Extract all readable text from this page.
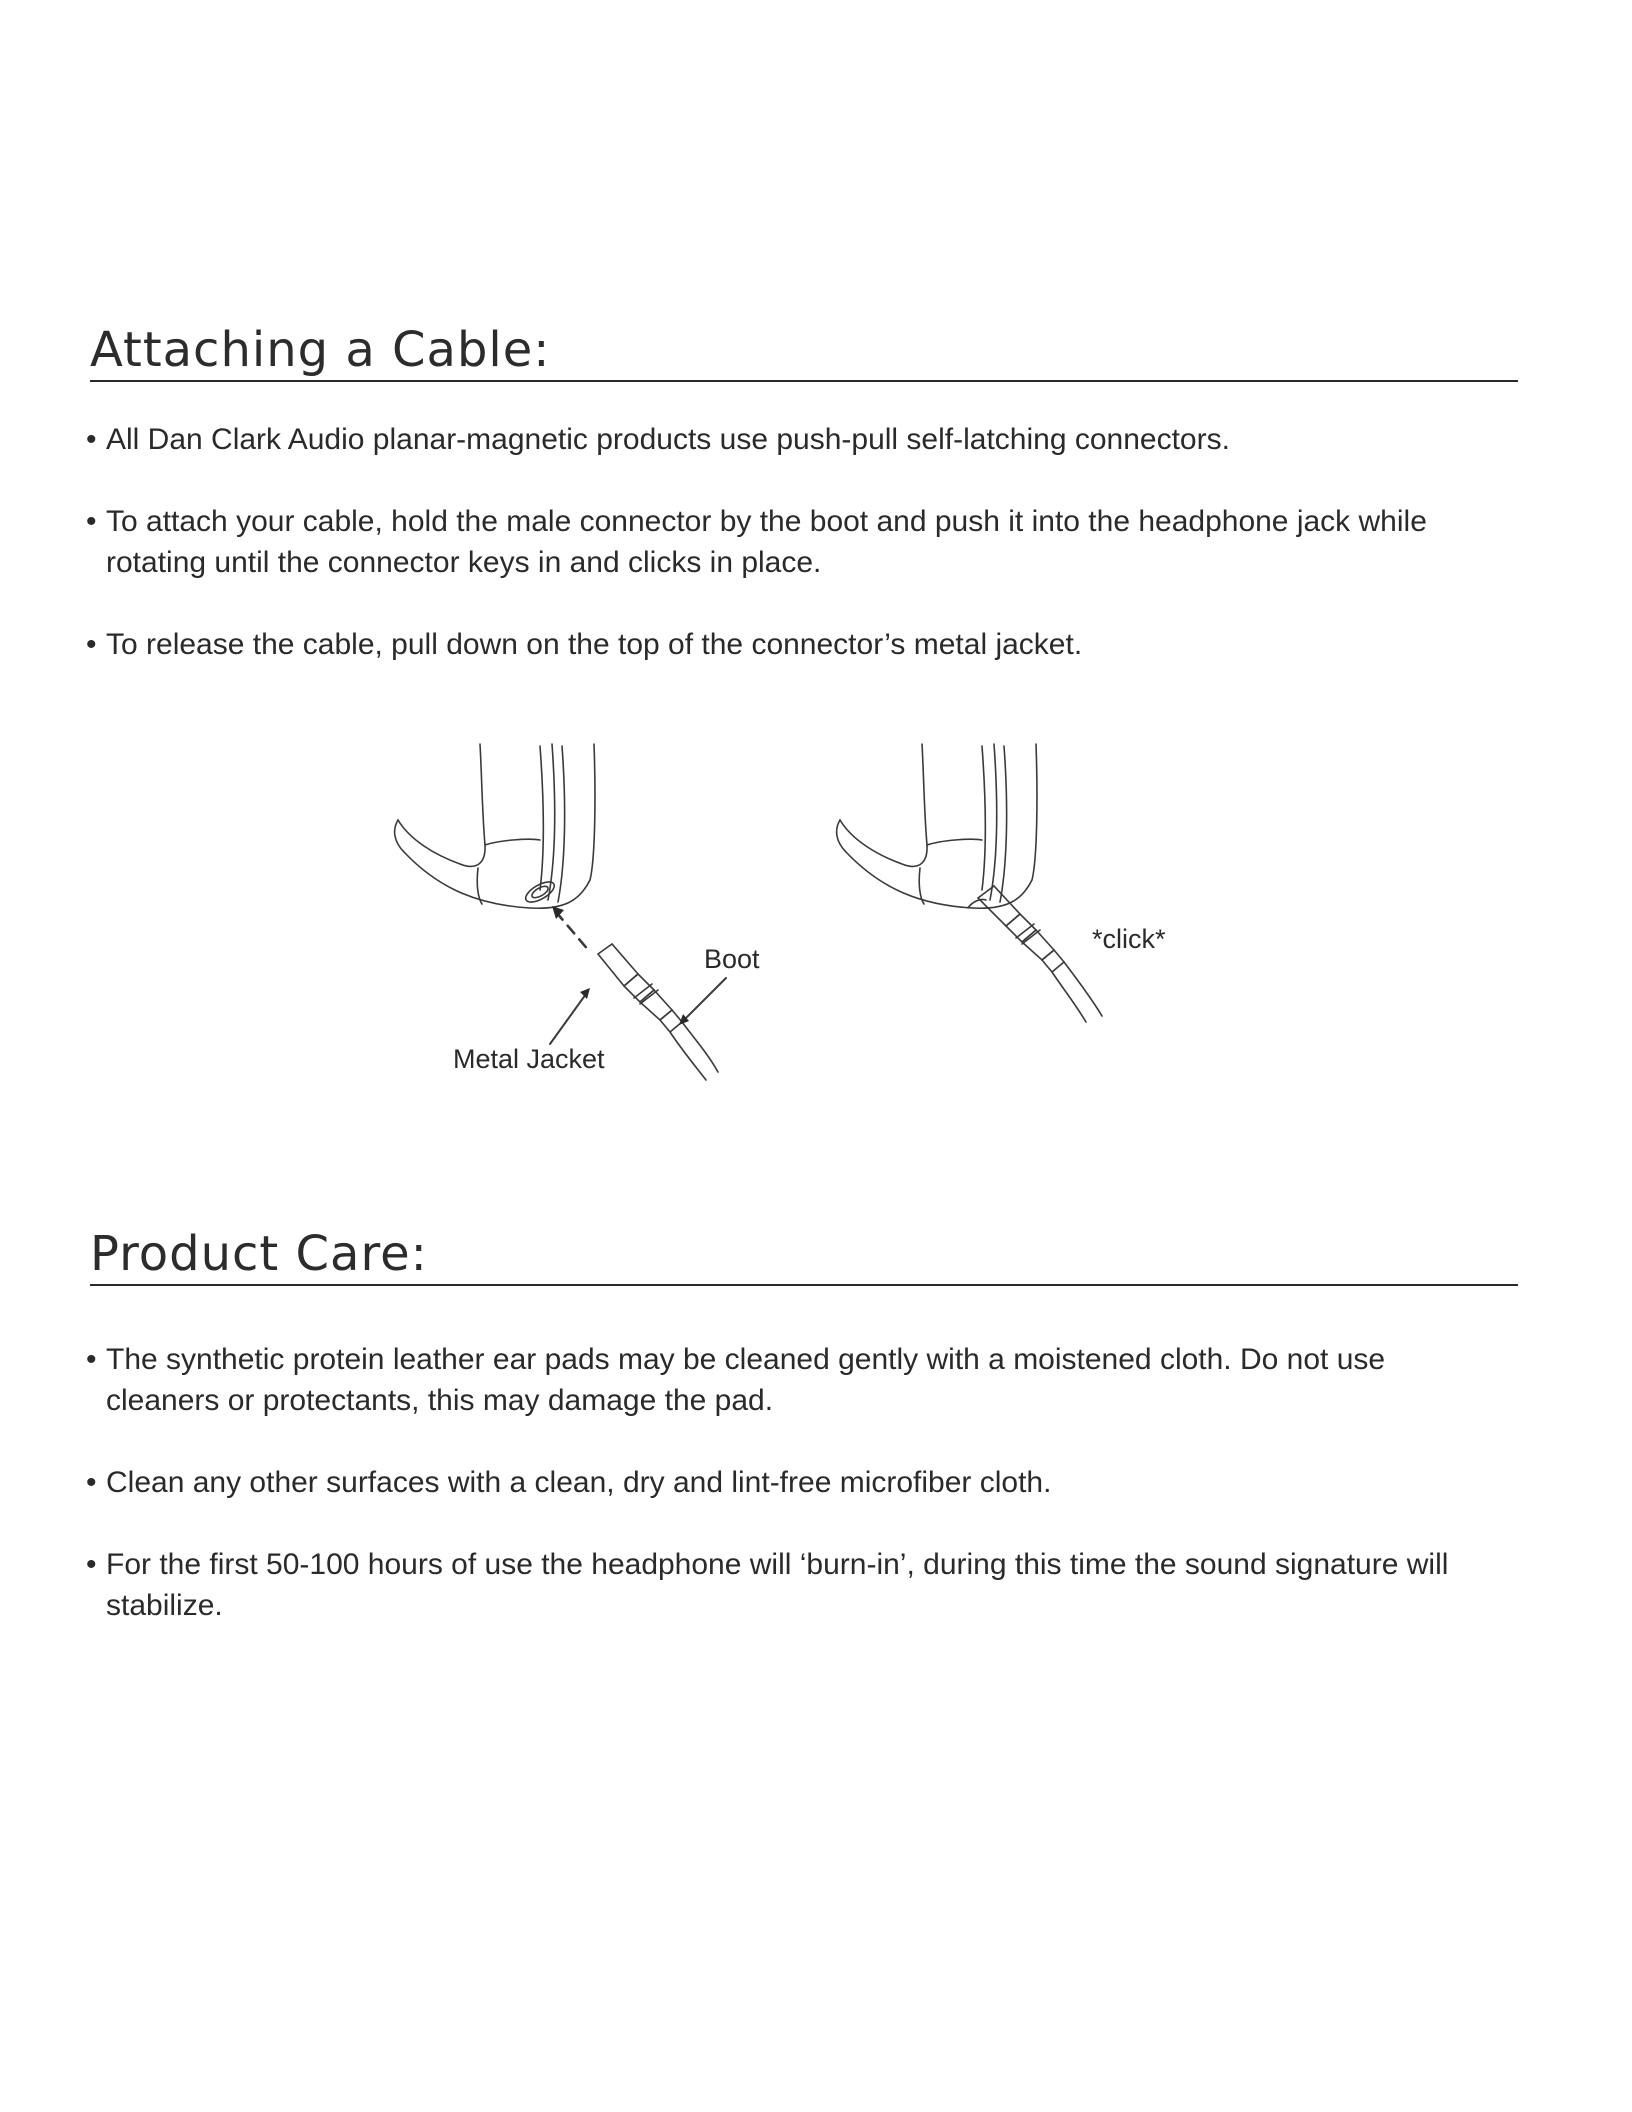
Attaching a Cable:
• All Dan Clark Audio planar-magnetic products use push-pull self-latching connectors.
• To attach your cable, hold the male connector by the boot and push it into the headphone jack while rotating until the connector keys in and clicks in place.
• To release the cable, pull down on the top of the connector’s metal jacket.
Boot
Metal Jacket
*click*
Product Care:
• The synthetic protein leather ear pads may be cleaned gently with a moistened cloth. Do not use cleaners or protectants, this may damage the pad.
• Clean any other surfaces with a clean, dry and lint-free microfiber cloth.
• For the first 50-100 hours of use the headphone will ‘burn-in’, during this time the sound signature will stabilize.
